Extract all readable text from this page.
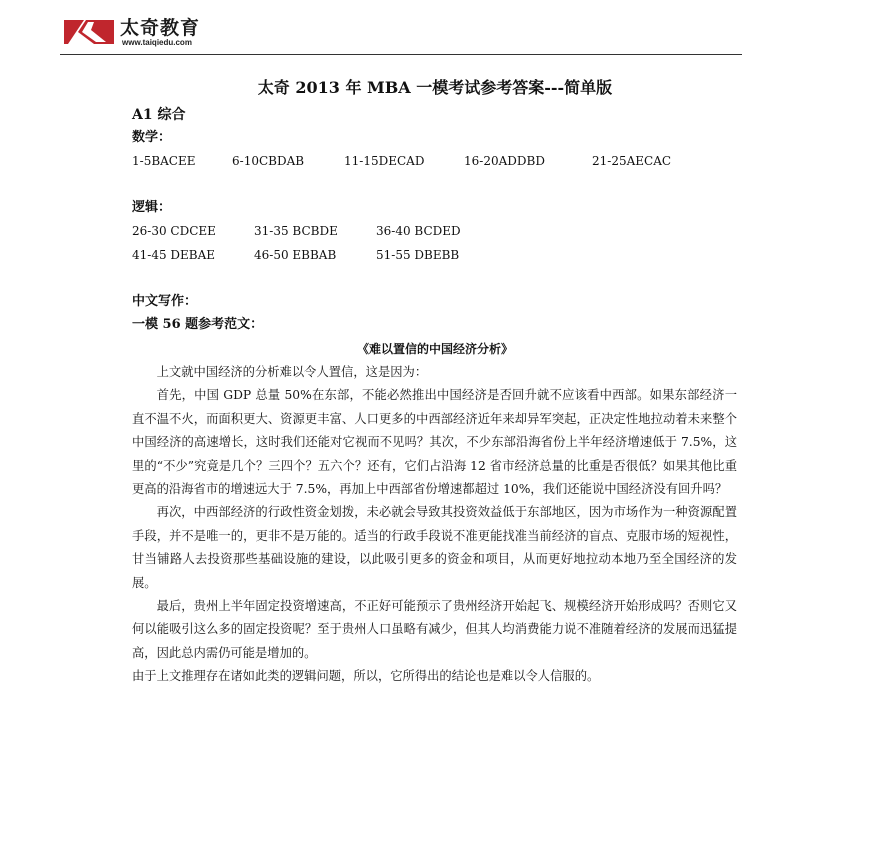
太奇教育
www.taiqiedu.com
太奇 2013 年 MBA 一模考试参考答案---简单版
A1 综合
数学：
1-5BACEE	6-10CBDAB	11-15DECAD	16-20ADDBD	21-25AECAC
逻辑：
26-30 CDCEE	31-35 BCBDE	36-40 BCDED
41-45 DEBAE	46-50 EBBAB	51-55 DBEBB
中文写作：
一模 56 题参考范文：
《难以置信的中国经济分析》

上文就中国经济的分析难以令人置信，这是因为：

首先，中国 GDP 总量 50%在东部，不能必然推出中国经济是否回升就不应该看中西部。如果东部经济一直不温不火，而面积更大、资源更丰富、人口更多的中西部经济近年来却异军突起，正决定性地拉动着未来整个中国经济的高速增长，这时我们还能对它视而不见吗？其次，不少东部沿海省份上半年经济增速低于 7.5%，这里的“不少”究竟是几个？三四个？五六个？还有，它们占沿海 12 省市经济总量的比重是否很低？如果其他比重更高的沿海省市的增速远大于 7.5%，再加上中西部省份增速都超过 10%，我们还能说中国经济没有回升吗？

再次，中西部经济的行政性资金划拨，未必就会导致其投资效益低于东部地区，因为市场作为一种资源配置手段，并不是唯一的，更非不是万能的。适当的行政手段说不准更能找准当前经济的盲点、克服市场的短视性，甘当铺路人去投资那些基础设施的建设，以此吸引更多的资金和项目，从而更好地拉动本地乃至全国经济的发展。

最后，贵州上半年固定投资增速高，不正好可能预示了贵州经济开始起飞、规模经济开始形成吗？否则它又何以能吸引这么多的固定投资呢？至于贵州人口虽略有减少，但其人均消费能力说不准随着经济的发展而迅猛提高，因此总内需仍可能是增加的。

由于上文推理存在诸如此类的逻辑问题，所以，它所得出的结论也是难以令人信服的。
